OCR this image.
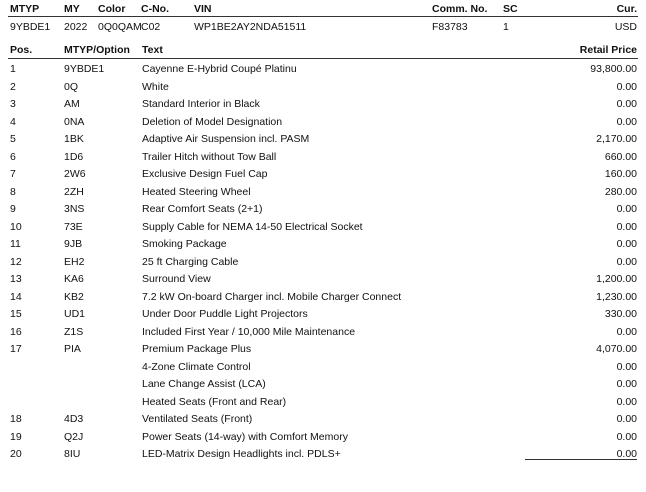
MTYP MY Color C-No. VIN	Comm. No. SC	Cur.
9YBDE1 2022 0Q0QAM C02	WP1BE2AY2NDA51511	F83783	1	USD
Pos.	MTYP/Option Text	Retail Price
1	9YBDE1	Cayenne E-Hybrid Coupé Platinu	93,800.00
2	0Q	White	0.00
3	AM	Standard Interior in Black	0.00
4	0NA	Deletion of Model Designation	0.00
5	1BK	Adaptive Air Suspension incl. PASM	2,170.00
6	1D6	Trailer Hitch without Tow Ball	660.00
7	2W6	Exclusive Design Fuel Cap	160.00
8	2ZH	Heated Steering Wheel	280.00
9	3NS	Rear Comfort Seats (2+1)	0.00
10	73E	Supply Cable for NEMA 14-50 Electrical Socket	0.00
11	9JB	Smoking Package	0.00
12	EH2	25 ft Charging Cable	0.00
13	KA6	Surround View	1,200.00
14	KB2	7.2 kW On-board Charger incl. Mobile Charger Connect	1,230.00
15	UD1	Under Door Puddle Light Projectors	330.00
16	Z1S	Included First Year / 10,000 Mile Maintenance	0.00
17	PIA	Premium Package Plus	4,070.00
4-Zone Climate Control	0.00
Lane Change Assist (LCA)	0.00
Heated Seats (Front and Rear)	0.00
18	4D3	Ventilated Seats (Front)	0.00
19	Q2J	Power Seats (14-way) with Comfort Memory	0.00
20	8IU	LED-Matrix Design Headlights incl. PDLS+	0.00
